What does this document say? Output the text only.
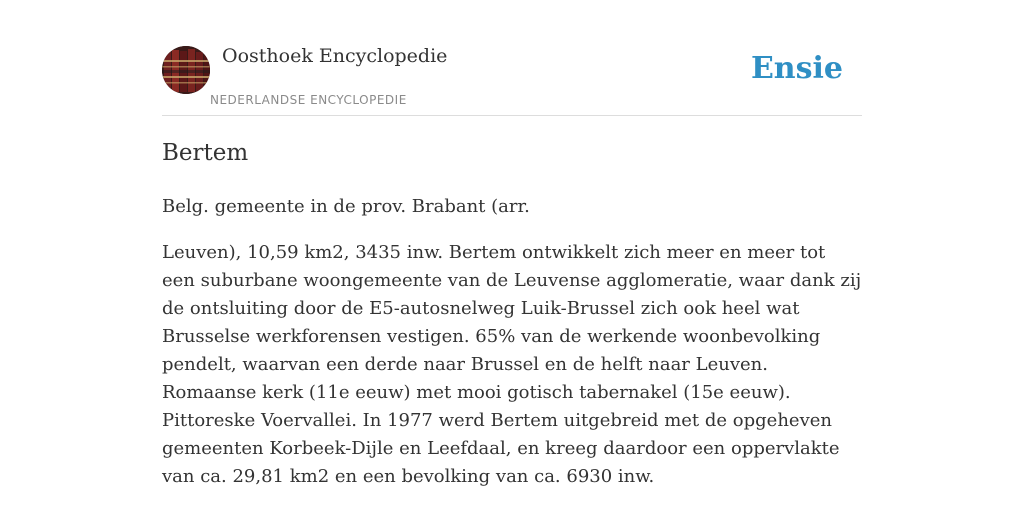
Oosthoek Encyclopedie
NEDERLANDSE ENCYCLOPEDIE
Ensie
Bertem

Belg. gemeente in de prov. Brabant (arr.

Leuven), 10,59 km2, 3435 inw. Bertem ontwikkelt zich meer en meer tot een suburbane woongemeente van de Leuvense agglomeratie, waar dank zij de ontsluiting door de E5-autosnelweg Luik-Brussel zich ook heel wat Brusselse werkforensen vestigen. 65% van de werkende woonbevolking pendelt, waarvan een derde naar Brussel en de helft naar Leuven. Romaanse kerk (11e eeuw) met mooi gotisch tabernakel (15e eeuw). Pittoreske Voervallei. In 1977 werd Bertem uitgebreid met de opgeheven gemeenten Korbeek-Dijle en Leefdaal, en kreeg daardoor een oppervlakte van ca. 29,81 km2 en een bevolking van ca. 6930 inw.
